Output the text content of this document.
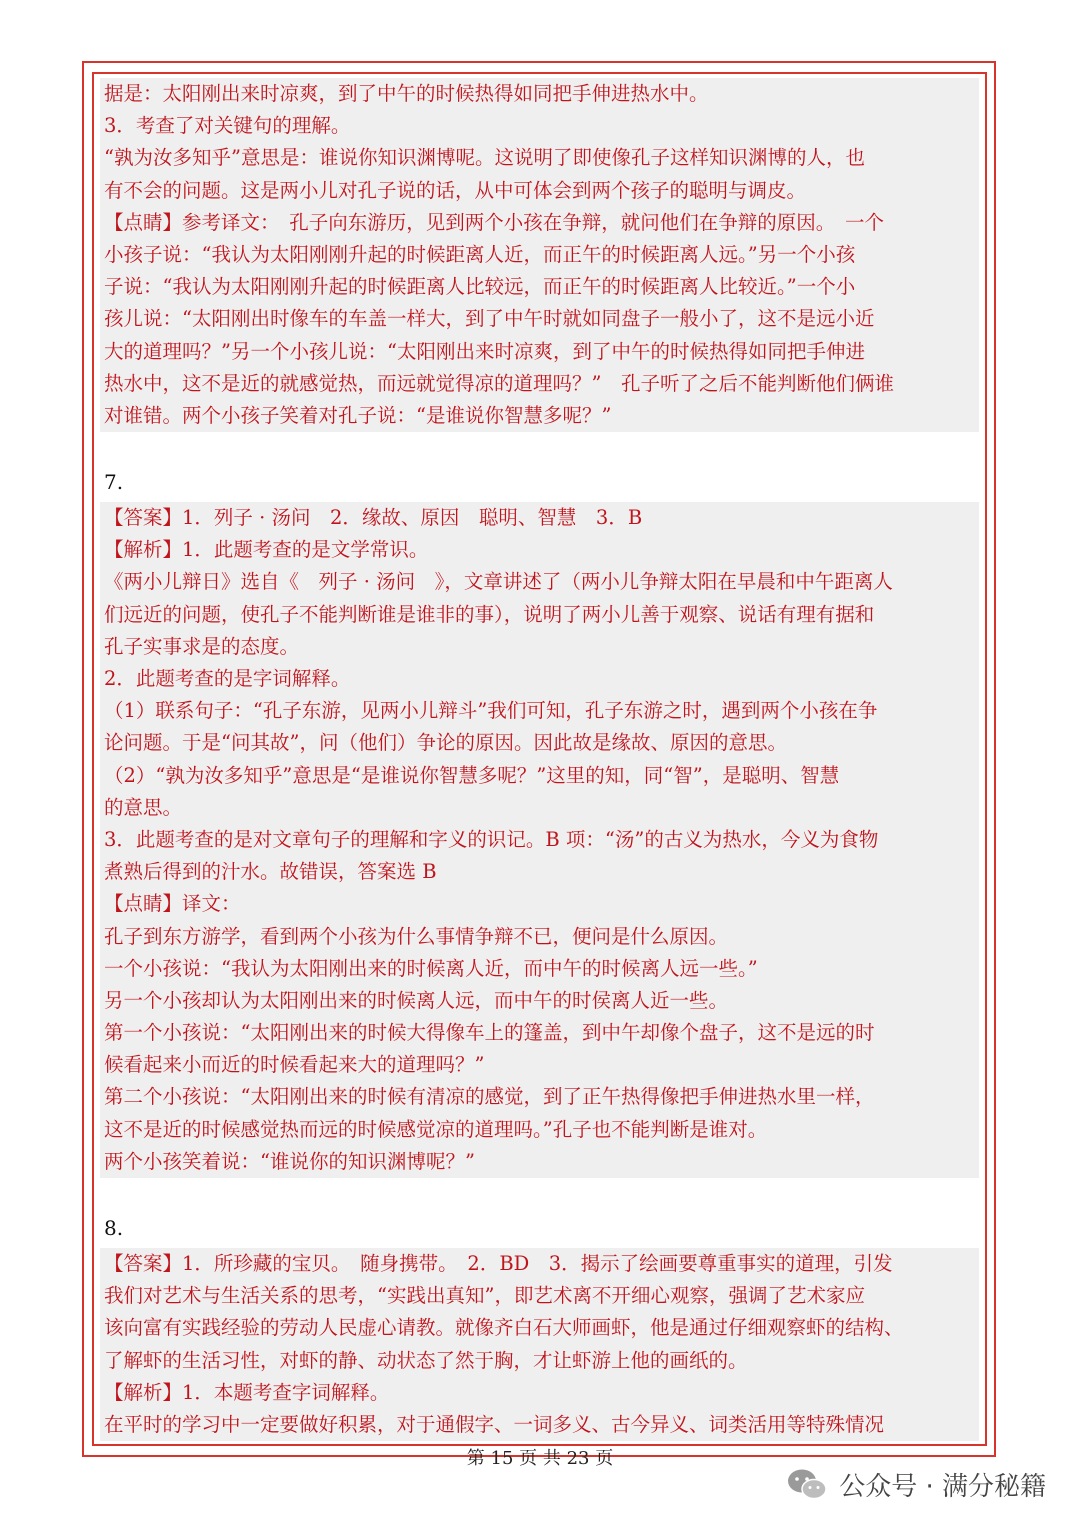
据是：太阳刚出来时凉爽，到了中午的时候热得如同把手伸进热水中。
3．考查了对关键句的理解。
“孰为汝多知乎”意思是：谁说你知识渊博呢。这说明了即使像孔子这样知识渊博的人，也
有不会的问题。这是两小儿对孔子说的话，从中可体会到两个孩子的聪明与调皮。
【点睛】参考译文：　孔子向东游历，见到两个小孩在争辩，就问他们在争辩的原因。　一个
小孩子说：“我认为太阳刚刚升起的时候距离人近，而正午的时候距离人远。”另一个小孩
子说：“我认为太阳刚刚升起的时候距离人比较远，而正午的时候距离人比较近。”一个小
孩儿说：“太阳刚出时像车的车盖一样大，到了中午时就如同盘子一般小了，这不是远小近
大的道理吗？”另一个小孩儿说：“太阳刚出来时凉爽，到了中午的时候热得如同把手伸进
热水中，这不是近的就感觉热，而远就觉得凉的道理吗？”　孔子听了之后不能判断他们俩谁
对谁错。两个小孩子笑着对孔子说：“是谁说你智慧多呢？”
7.
【答案】1．列子 · 汤问　2．缘故、原因　聪明、智慧　3．B
【解析】1．此题考查的是文学常识。
《两小儿辩日》选自《　列子 · 汤问　》，文章讲述了（两小儿争辩太阳在早晨和中午距离人
们远近的问题，使孔子不能判断谁是谁非的事），说明了两小儿善于观察、说话有理有据和
孔子实事求是的态度。
2．此题考查的是字词解释。
（1）联系句子：“孔子东游，见两小儿辩斗”我们可知，孔子东游之时，遇到两个小孩在争
论问题。于是“问其故”，问（他们）争论的原因。因此故是缘故、原因的意思。
（2）“孰为汝多知乎”意思是“是谁说你智慧多呢？”这里的知，同“智”，是聪明、智慧
的意思。
3．此题考查的是对文章句子的理解和字义的识记。B 项：“汤”的古义为热水，今义为食物
煮熟后得到的汁水。故错误，答案选 B
【点睛】译文：
孔子到东方游学，看到两个小孩为什么事情争辩不已，便问是什么原因。
一个小孩说：“我认为太阳刚出来的时候离人近，而中午的时候离人远一些。”
另一个小孩却认为太阳刚出来的时候离人远，而中午的时侯离人近一些。
第一个小孩说：“太阳刚出来的时候大得像车上的篷盖，到中午却像个盘子，这不是远的时
候看起来小而近的时候看起来大的道理吗？”
第二个小孩说：“太阳刚出来的时候有清凉的感觉，到了正午热得像把手伸进热水里一样，
这不是近的时候感觉热而远的时候感觉凉的道理吗。”孔子也不能判断是谁对。
两个小孩笑着说：“谁说你的知识渊博呢？”
8.
【答案】1．所珍藏的宝贝。　随身携带。　2．BD　3．揭示了绘画要尊重事实的道理，引发
我们对艺术与生活关系的思考，“实践出真知”，即艺术离不开细心观察，强调了艺术家应
该向富有实践经验的劳动人民虚心请教。就像齐白石大师画虾，他是通过仔细观察虾的结构、
了解虾的生活习性，对虾的静、动状态了然于胸，才让虾游上他的画纸的。
【解析】1．本题考查字词解释。
在平时的学习中一定要做好积累，对于通假字、一词多义、古今异义、词类活用等特殊情况
第 15 页 共 23 页
公众号 · 满分秘籍
